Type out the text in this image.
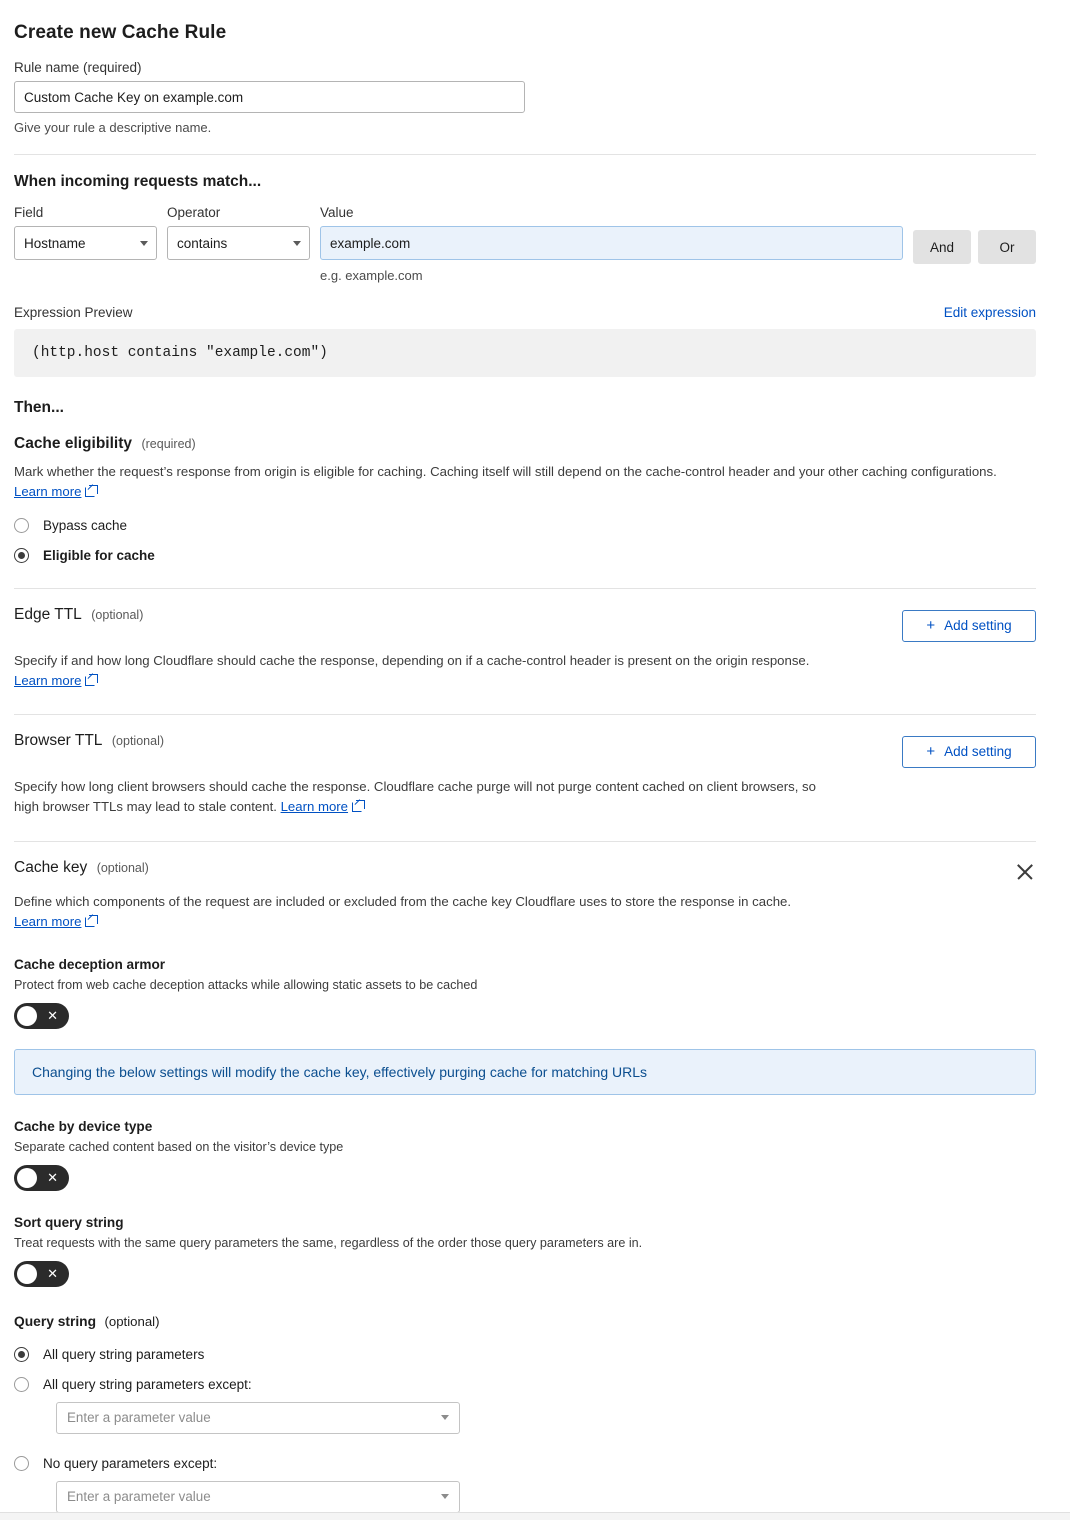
Create new Cache Rule
Rule name (required)
Custom Cache Key on example.com
Give your rule a descriptive name.
When incoming requests match...
Field
Hostname
Operator
contains
Value
example.com
e.g. example.com
And	Or
Expression Preview	Edit expression
(http.host contains "example.com")
Then...
Cache eligibility (required)
Mark whether the request’s response from origin is eligible for caching. Caching itself will still depend on the cache-control header and your other caching configurations. Learn more
Bypass cache
Eligible for cache
Edge TTL (optional)
+ Add setting
Specify if and how long Cloudflare should cache the response, depending on if a cache-control header is present on the origin response. Learn more
Browser TTL (optional)
+ Add setting
Specify how long client browsers should cache the response. Cloudflare cache purge will not purge content cached on client browsers, so high browser TTLs may lead to stale content. Learn more
Cache key (optional)
Define which components of the request are included or excluded from the cache key Cloudflare uses to store the response in cache.
Learn more
Cache deception armor
Protect from web cache deception attacks while allowing static assets to be cached
✕
Changing the below settings will modify the cache key, effectively purging cache for matching URLs
Cache by device type
Separate cached content based on the visitor’s device type
✕
Sort query string
Treat requests with the same query parameters the same, regardless of the order those query parameters are in.
✕
Query string (optional)
All query string parameters
All query string parameters except:
Enter a parameter value
No query parameters except:
Enter a parameter value
